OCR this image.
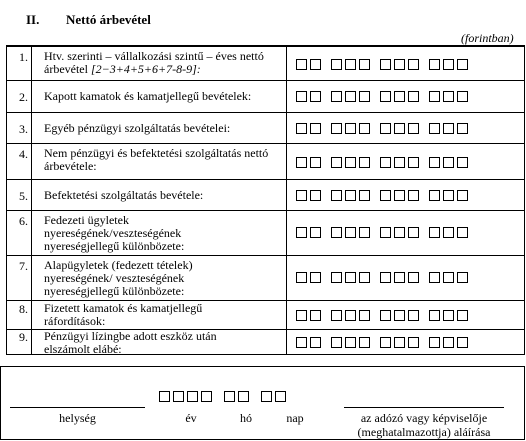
II. Nettó árbevétel
(forintban)
1. Htv. szerinti – vállalkozási szintű – éves nettó árbevétel [2−3+4+5+6+7-8-9]:
2. Kapott kamatok és kamatjellegű bevételek:
3. Egyéb pénzügyi szolgáltatás bevételei:
4. Nem pénzügyi és befektetési szolgáltatás nettó árbevétele:
5. Befektetési szolgáltatás bevétele:
6. Fedezeti ügyletek nyereségének/veszteségének nyereségjellegű különbözete:
7. Alapügyletek (fedezett tételek) nyereségének/ veszteségének nyereségjellegű különbözete:
8. Fizetett kamatok és kamatjellegű ráfordítások:
9. Pénzügyi lízingbe adott eszköz után elszámolt elábé:
helység	év	hó	nap	az adózó vagy képviselője
(meghatalmazottja) aláírása
